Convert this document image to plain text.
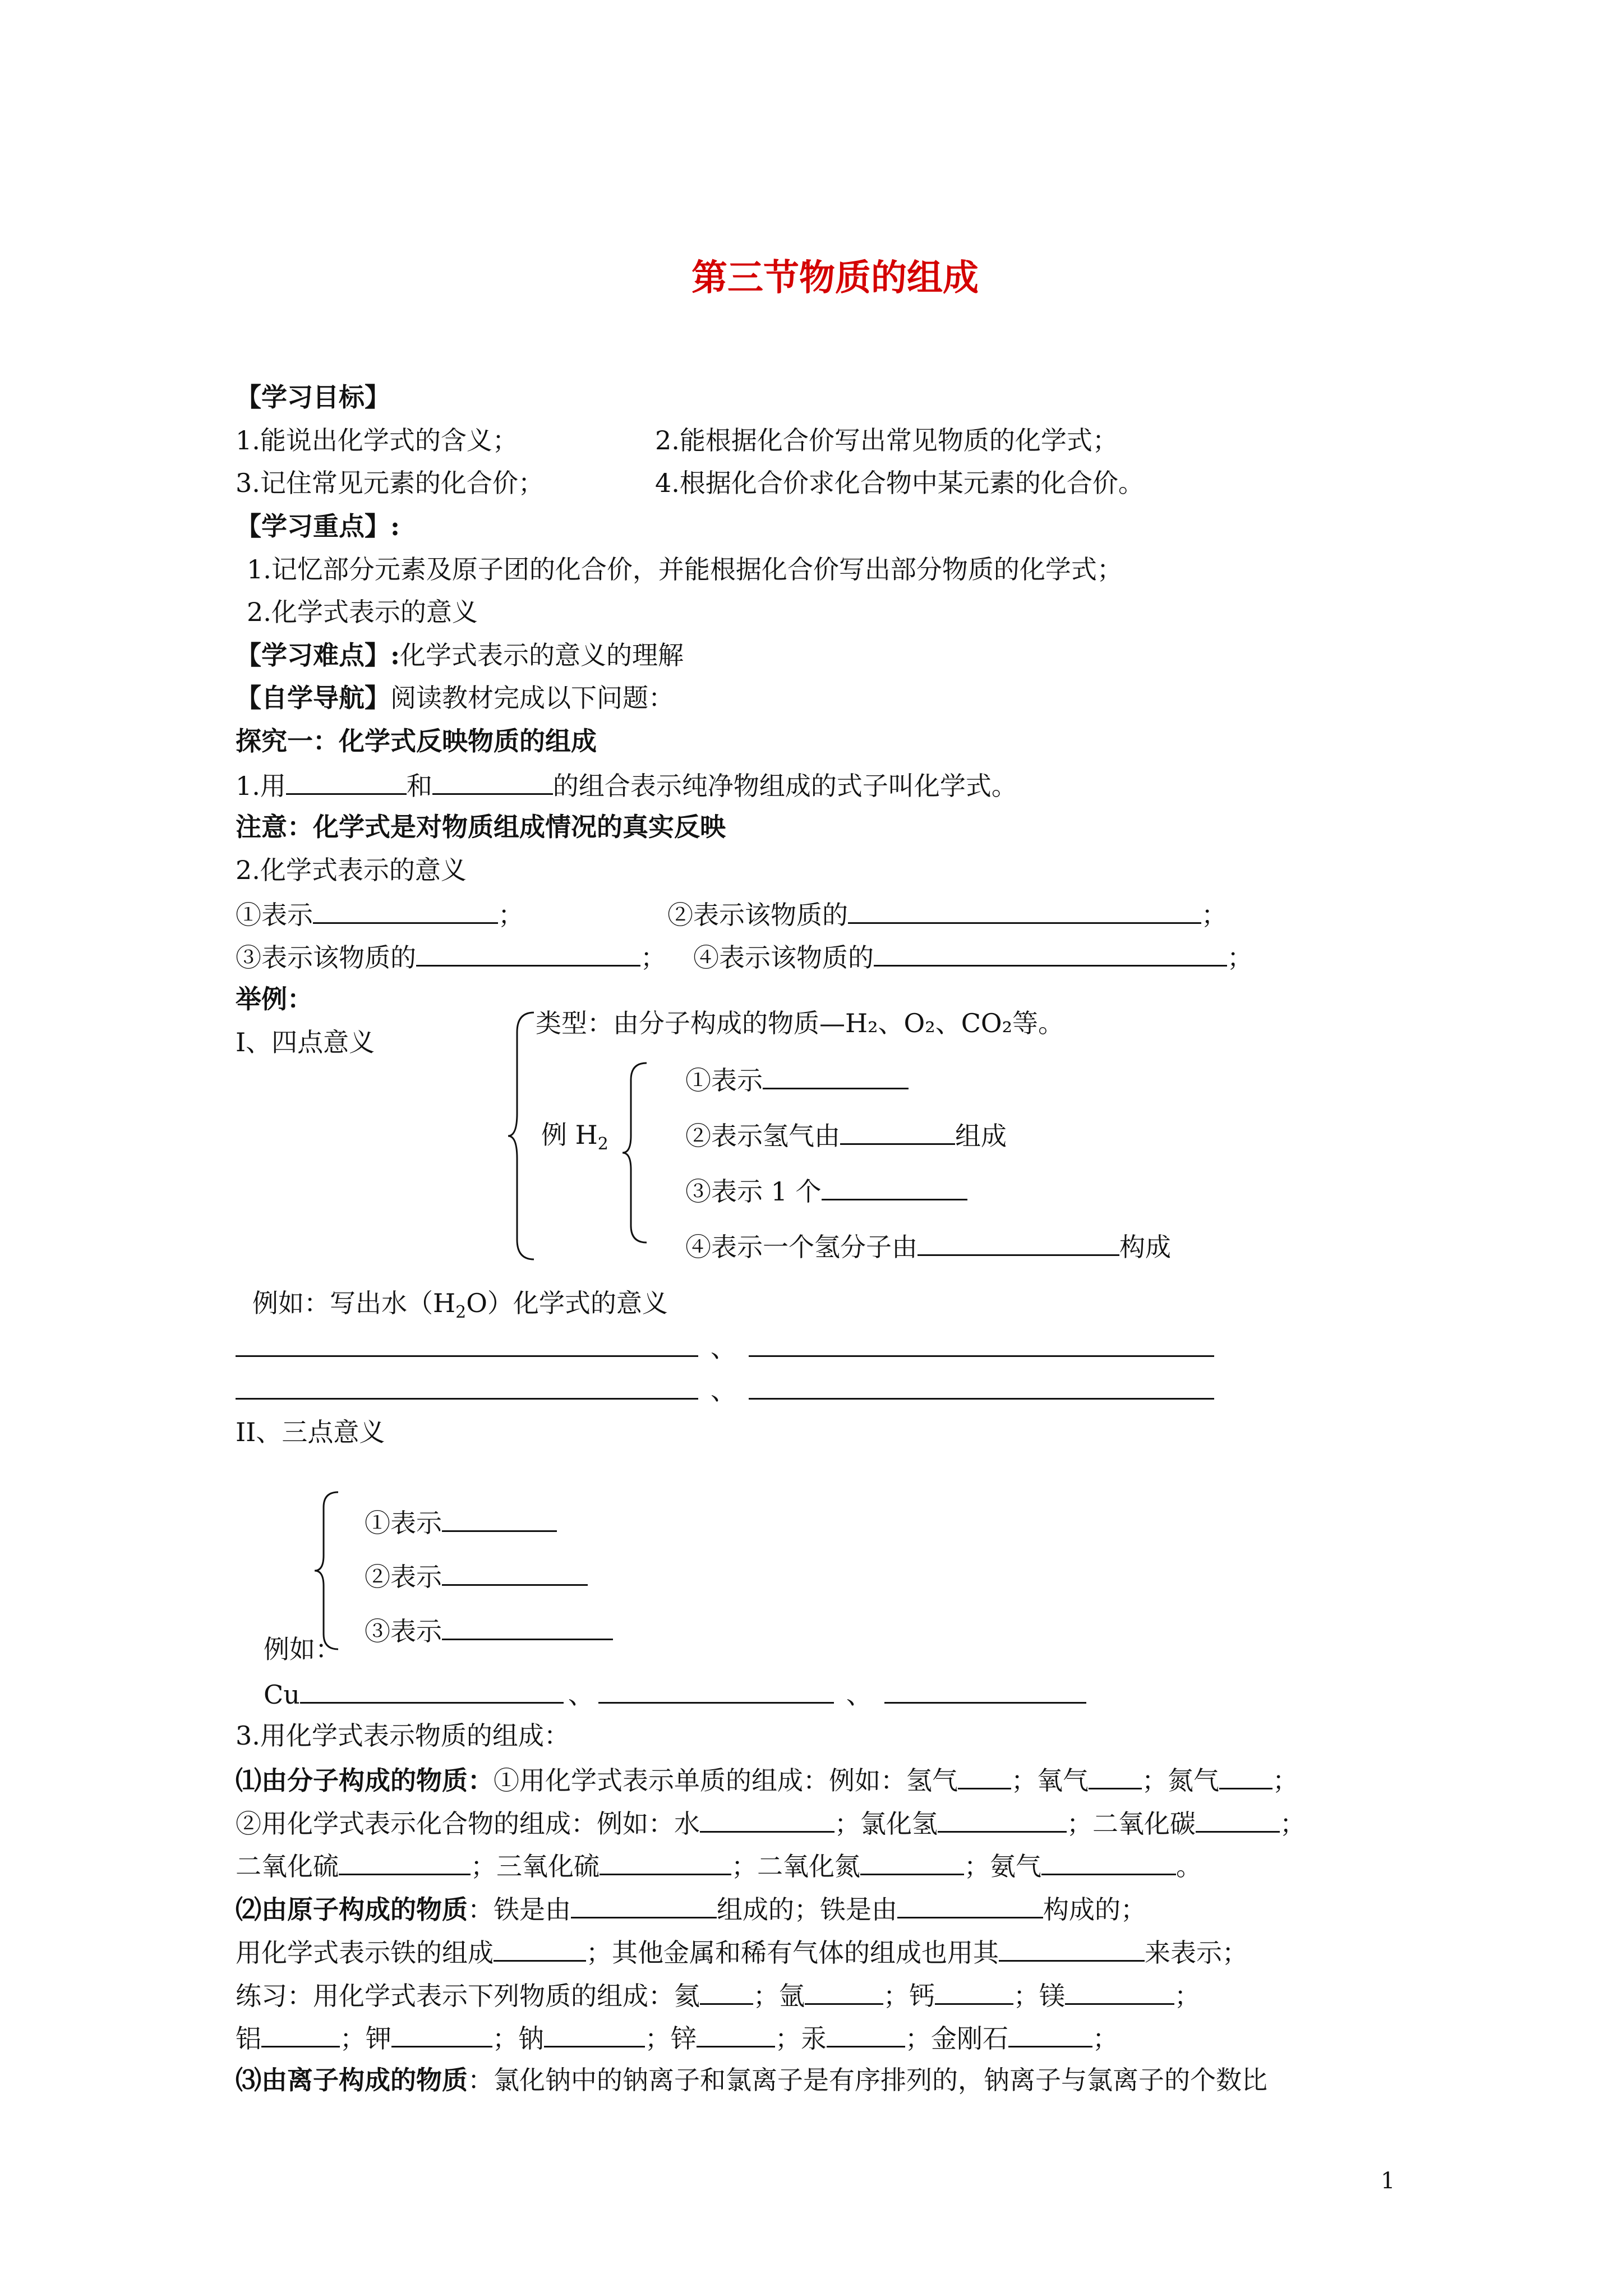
第三节物质的组成
【学习目标】
1.能说出化学式的含义；	2.能根据化合价写出常见物质的化学式；
3.记住常见元素的化合价；	4.根据化合价求化合物中某元素的化合价。
【学习重点】:
1.记忆部分元素及原子团的化合价，并能根据化合价写出部分物质的化学式；
2.化学式表示的意义
【学习难点】:化学式表示的意义的理解
【自学导航】阅读教材完成以下问题：
探究一：化学式反映物质的组成
1.用	和	的组合表示纯净物组成的式子叫化学式。
注意：化学式是对物质组成情况的真实反映
2.化学式表示的意义
①表示	；	②表示该物质的	；
③表示该物质的	； ④表示该物质的	；
举例：
I、四点意义
类型：由分子构成的物质—H₂、O₂、CO₂等。
例 $H_2$
①表示
②表示氢气由	组成
③表示 1 个
④表示一个氢分子由	构成
例如：写出水$(H_2O)$化学式的意义
、
、
II、三点意义
①表示
②表示
③表示
例如：
Cu	、	、
3.用化学式表示物质的组成：
⑴由分子构成的物质：①用化学式表示单质的组成：例如：氢气 ；氧气 ；氮气 ；
②用化学式表示化合物的组成：例如：水	；氯化氢	；二氧化碳	；
二氧化硫	；三氧化硫	；二氧化氮	；氨气	。
⑵由原子构成的物质：铁是由	组成的；铁是由	构成的；
用化学式表示铁的组成	；其他金属和稀有气体的组成也用其	来表示；
练习：用化学式表示下列物质的组成：氦 ；氩	；钙	；镁	；
铝	；钾	；钠	；锌	；汞	；金刚石	；
⑶由离子构成的物质：氯化钠中的钠离子和氯离子是有序排列的，钠离子与氯离子的个数比
1
